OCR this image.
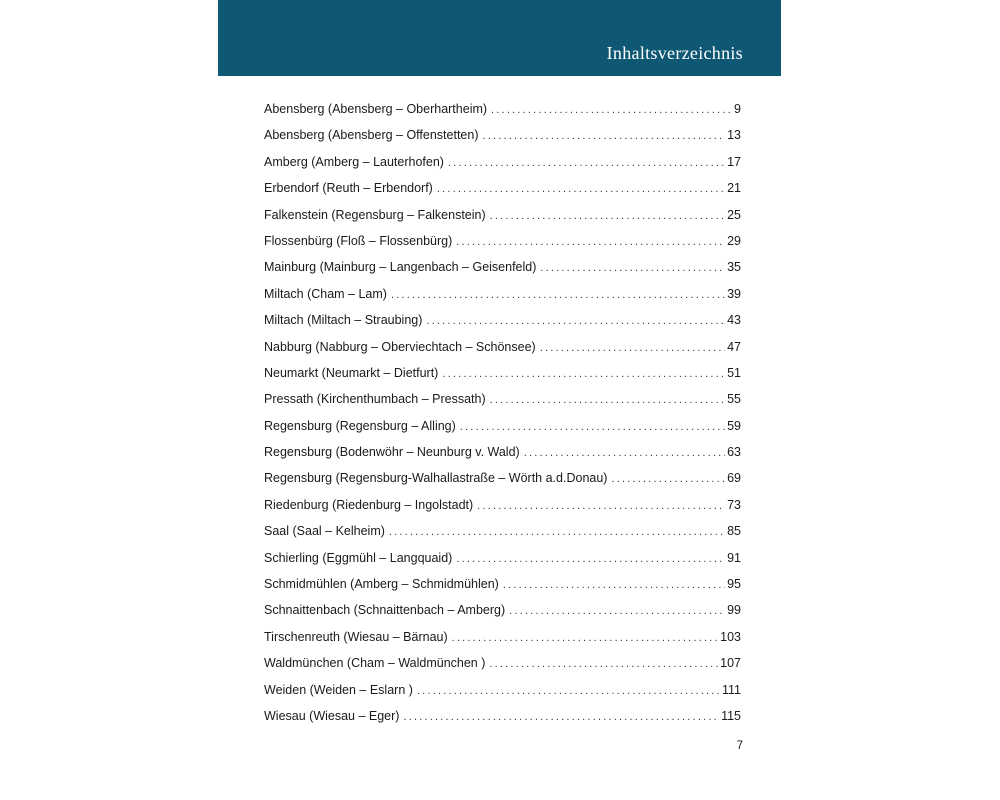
Inhaltsverzeichnis
Abensberg (Abensberg – Oberhartheim) .....	9
Abensberg (Abensberg – Offenstetten) .....	13
Amberg (Amberg – Lauterhofen) .....	17
Erbendorf (Reuth – Erbendorf) .....	21
Falkenstein (Regensburg – Falkenstein) .....	25
Flossenbürg (Floß – Flossenbürg) .....	29
Mainburg (Mainburg – Langenbach – Geisenfeld) .....	35
Miltach (Cham – Lam) .....	39
Miltach (Miltach – Straubing) .....	43
Nabburg (Nabburg – Oberviechtach – Schönsee) .....	47
Neumarkt (Neumarkt – Dietfurt) .....	51
Pressath (Kirchenthumbach – Pressath) .....	55
Regensburg (Regensburg – Alling) .....	59
Regensburg (Bodenwöhr – Neunburg v. Wald) .....	63
Regensburg (Regensburg-Walhallastraße – Wörth a.d.Donau) .....	69
Riedenburg (Riedenburg – Ingolstadt) .....	73
Saal (Saal – Kelheim) .....	85
Schierling (Eggmühl – Langquaid) .....	91
Schmidmühlen (Amberg – Schmidmühlen) .....	95
Schnaittenbach (Schnaittenbach – Amberg) .....	99
Tirschenreuth (Wiesau – Bärnau) .....	103
Waldmünchen (Cham – Waldmünchen ) .....	107
Weiden (Weiden – Eslarn ) .....	111
Wiesau (Wiesau – Eger) .....	115
7
